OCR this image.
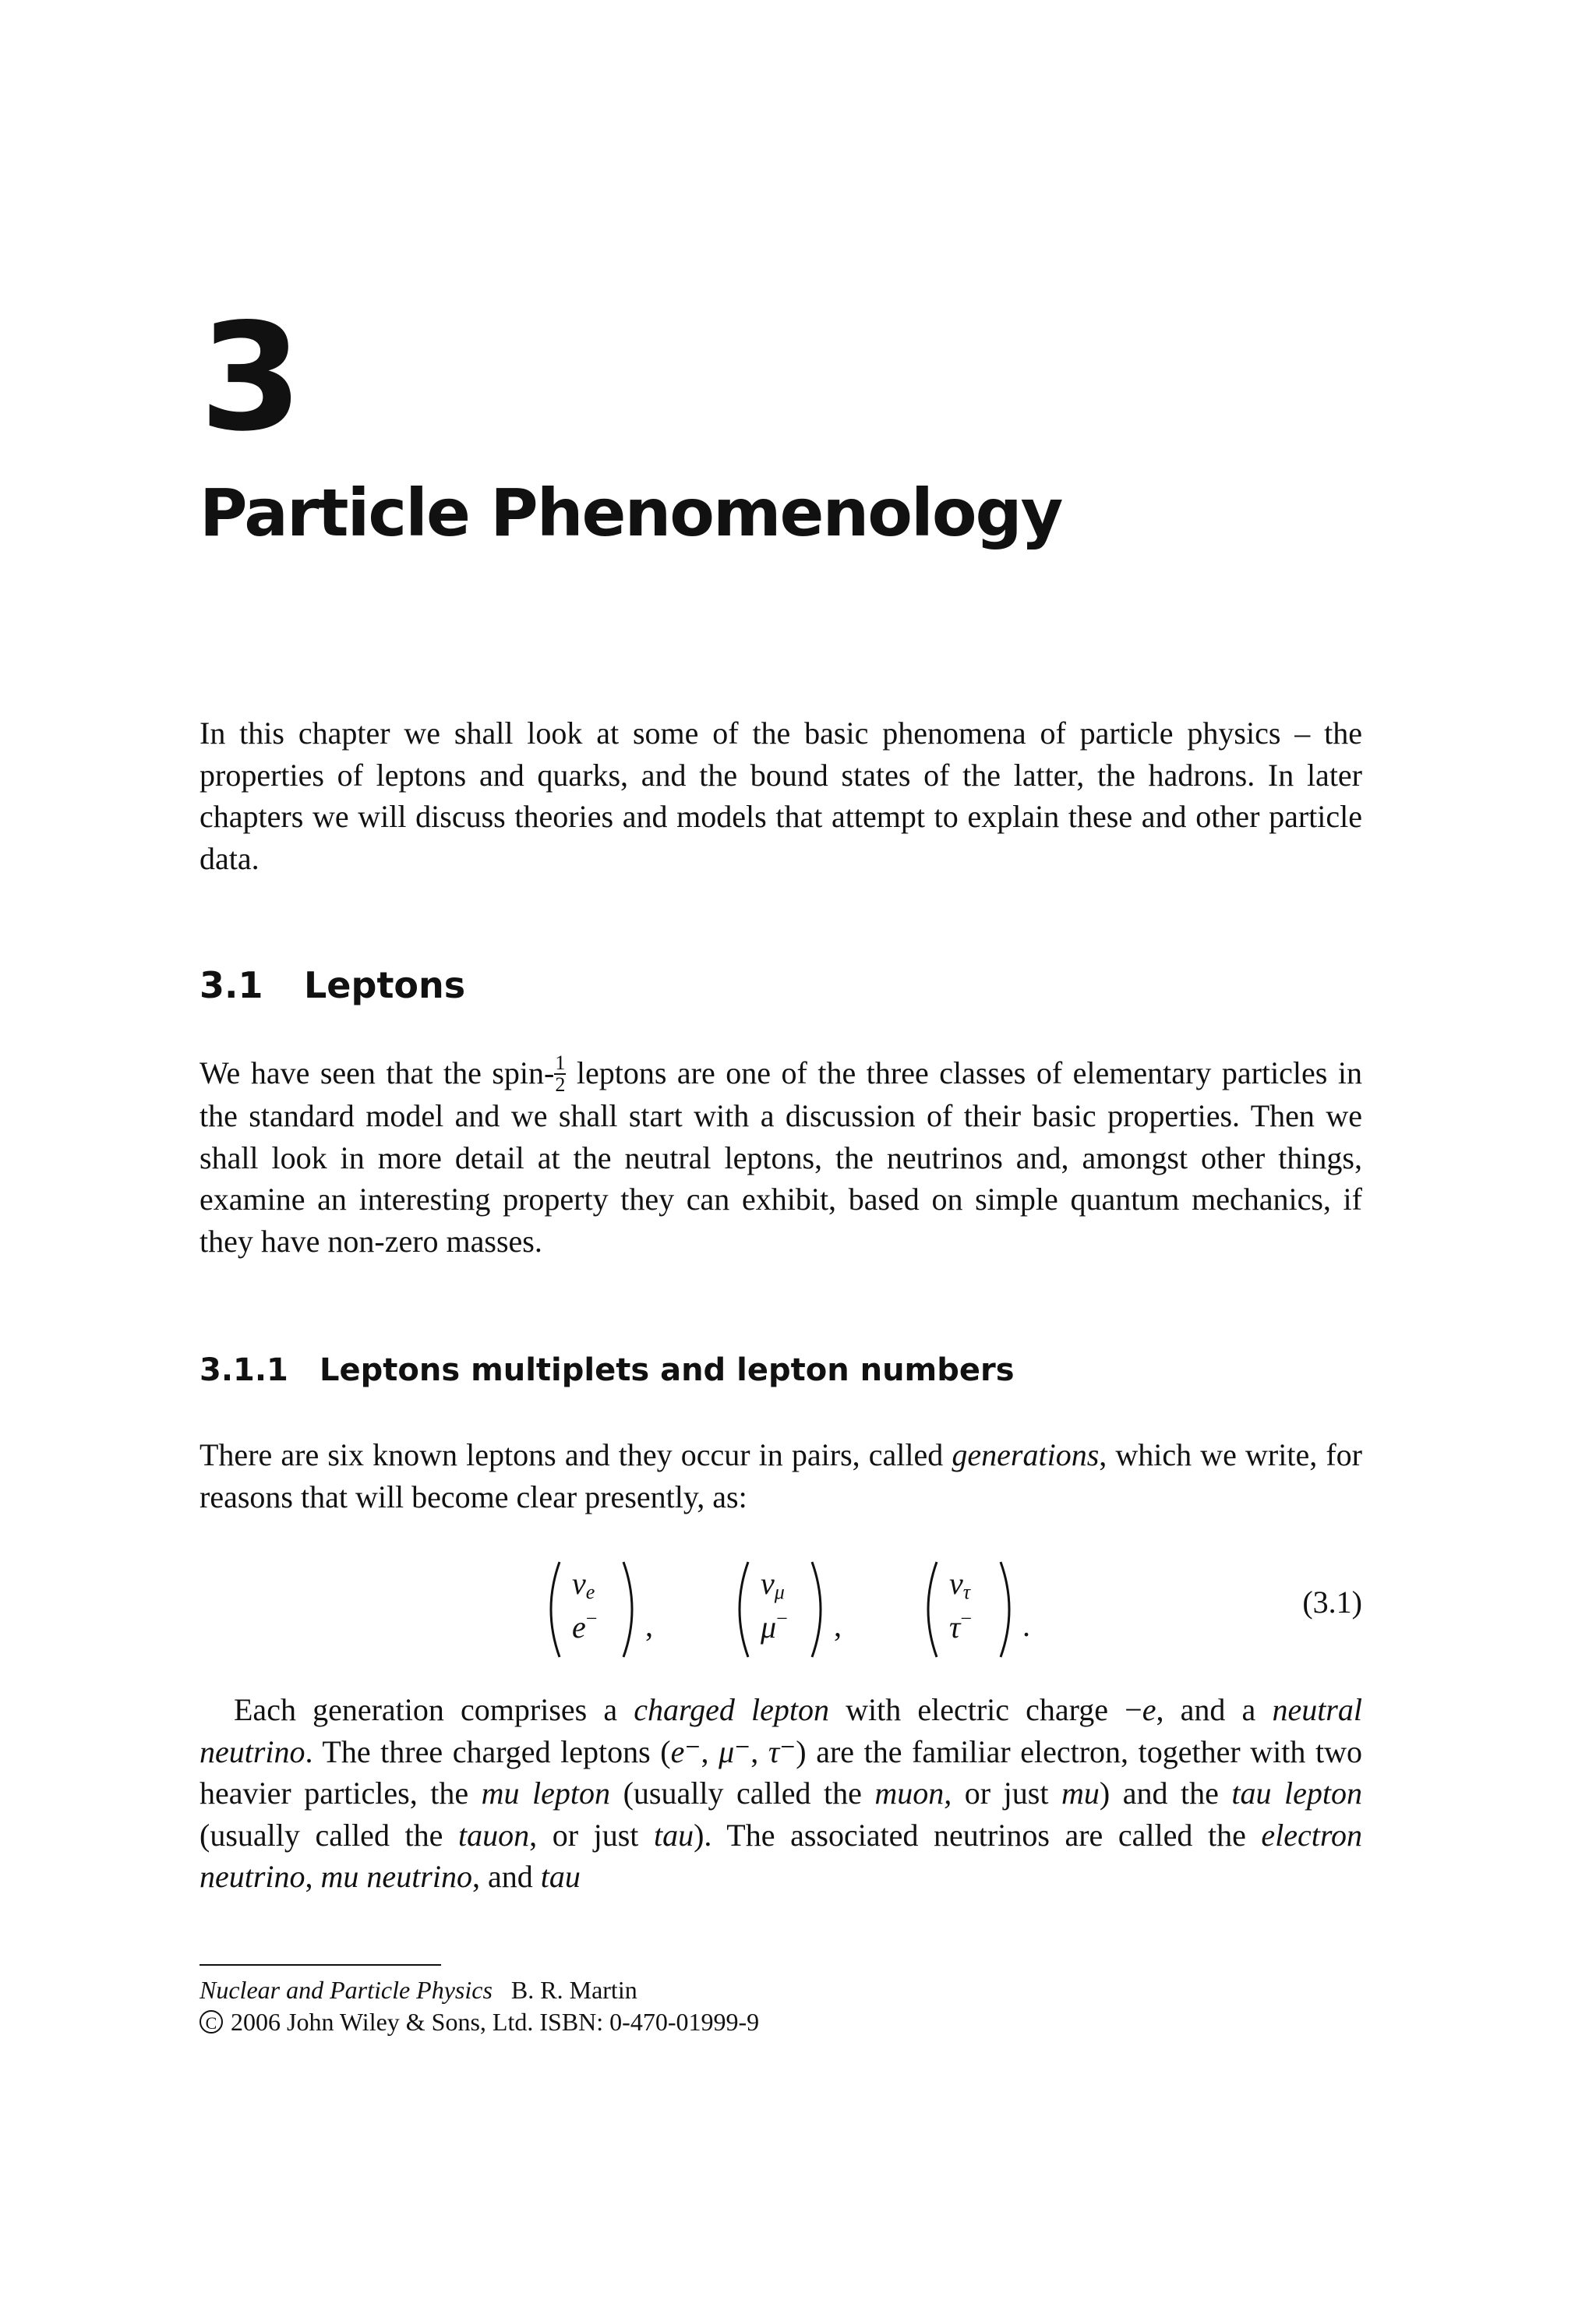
3
Particle Phenomenology

In this chapter we shall look at some of the basic phenomena of particle physics – the properties of leptons and quarks, and the bound states of the latter, the hadrons. In later chapters we will discuss theories and models that attempt to explain these and other particle data.

3.1 Leptons

We have seen that the spin- $\frac{1}{2}$ leptons are one of the three classes of elementary particles in the standard model and we shall start with a discussion of their basic properties. Then we shall look in more detail at the neutral leptons, the neutrinos and, amongst other things, examine an interesting property they can exhibit, based on simple quantum mechanics, if they have non-zero masses.

3.1.1 Leptons multiplets and lepton numbers

There are six known leptons and they occur in pairs, called generations, which we write, for reasons that will become clear presently, as:

$\nu_e$
e− ,
$\nu_\mu$
μ− ,
$\nu_\tau$
τ− .
(3.1)

Each generation comprises a charged lepton with electric charge −e, and a neutral neutrino. The three charged leptons (e⁻, μ⁻, τ⁻) are the familiar electron, together with two heavier particles, the mu lepton (usually called the muon, or just mu) and the tau lepton (usually called the tauon, or just tau). The associated neutrinos are called the electron neutrino, mu neutrino, and tau

Nuclear and Particle Physics B. R. Martin
C 2006 John Wiley & Sons, Ltd. ISBN: 0-470-01999-9
